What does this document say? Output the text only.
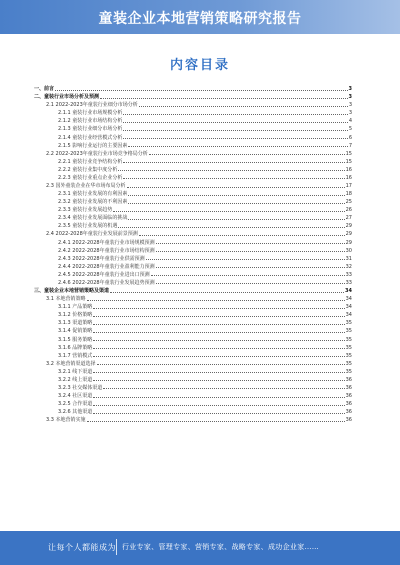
童装企业本地营销策略研究报告
内容目录
一、前言	3
二、童装行业市场分析及预测	3
2.1 2022-2023年童装行业细分市场分析	3
2.1.1 童装行业市场规模分析	3
2.1.2 童装行业市场结构分析	4
2.1.3 童装行业细分市场分析	5
2.1.4 童装行业经营模式分析	6
2.1.5 影响行业运行的主要因素	7
2.2 2022-2023年童装行业市场竞争格局分析	15
2.2.1 童装行业竞争结构分析	15
2.2.2 童装行业集中度分析	16
2.2.3 童装行业重点企业分析	16
2.3 国外童装企业在华市场布局分析	17
2.3.1 童装行业发展的有利因素	18
2.3.2 童装行业发展的不利因素	25
2.3.3 童装行业发展趋势	26
2.3.4 童装行业发展面临的挑战	27
2.3.5 童装行业发展的机遇	29
2.4 2022-2028年童装行业发展前景预测	29
2.4.1 2022-2028年童装行业市场规模预测	29
2.4.2 2022-2028年童装行业市场结构预测	30
2.4.3 2022-2028年童装行业供需预测	31
2.4.4 2022-2028年童装行业盈利能力预测	32
2.4.5 2022-2028年童装行业进出口预测	33
2.4.6 2022-2028年童装行业发展趋势预测	33
三、童装企业本地营销策略及渠道	34
3.1 本地营销策略	34
3.1.1 产品策略	34
3.1.2 价格策略	34
3.1.3 渠道策略	35
3.1.4 促销策略	35
3.1.5 服务策略	35
3.1.6 品牌策略	35
3.1.7 营销模式	35
3.2 本地营销渠道选择	35
3.2.1 线下渠道	35
3.2.2 线上渠道	36
3.2.3 社交媒体渠道	36
3.2.4 社区渠道	36
3.2.5 合作渠道	36
3.2.6 其他渠道	36
3.3 本地营销实施	36
让每个人都能成为 行业专家、管理专家、营销专家、战略专家、成功企业家……
